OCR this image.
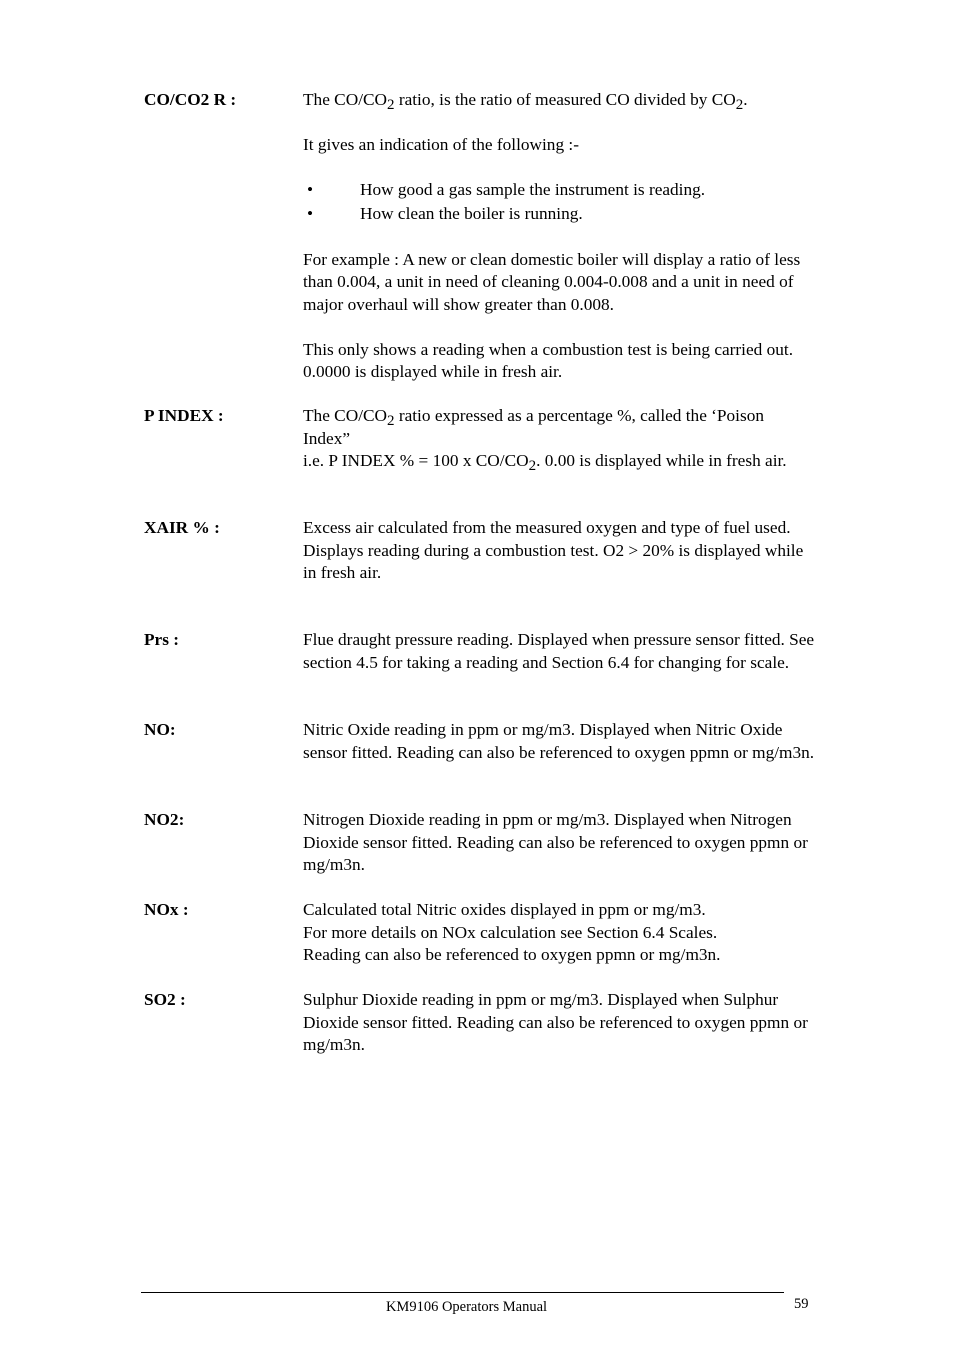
CO/CO2 R :	The CO/CO2 ratio, is the ratio of measured CO divided by CO2.

It gives an indication of the following :-

•	How good a gas sample the instrument is reading.
•	How clean the boiler is running.

For example : A new or clean domestic boiler will display a ratio of less than 0.004, a unit in need of cleaning 0.004-0.008 and a unit in need of major overhaul will show greater than 0.008.

This only shows a reading when a combustion test is being carried out. 0.0000 is displayed while in fresh air.

P INDEX :	The CO/CO2 ratio expressed as a percentage %, called the ‘Poison Index”

i.e. P INDEX % = 100 x CO/CO2. 0.00 is displayed while in fresh air.

XAIR % :	Excess air calculated from the measured oxygen and type of fuel used.

Displays reading during a combustion test. O2 > 20% is displayed while in fresh air.

Prs :	Flue draught pressure reading. Displayed when pressure sensor fitted. See section 4.5 for taking a reading and Section 6.4 for changing for scale.

NO:	Nitric Oxide reading in ppm or mg/m3. Displayed when Nitric Oxide sensor fitted. Reading can also be referenced to oxygen ppmn or mg/m3n.

NO2:	Nitrogen Dioxide reading in ppm or mg/m3. Displayed when Nitrogen Dioxide sensor fitted. Reading can also be referenced to oxygen ppmn or mg/m3n.

NOx :	Calculated total Nitric oxides displayed in ppm or mg/m3.

For more details on NOx calculation see Section 6.4 Scales.

Reading can also be referenced to oxygen ppmn or mg/m3n.

SO2 :	Sulphur Dioxide reading in ppm or mg/m3. Displayed when Sulphur Dioxide sensor fitted. Reading can also be referenced to oxygen ppmn or mg/m3n.

KM9106 Operators Manual	59
